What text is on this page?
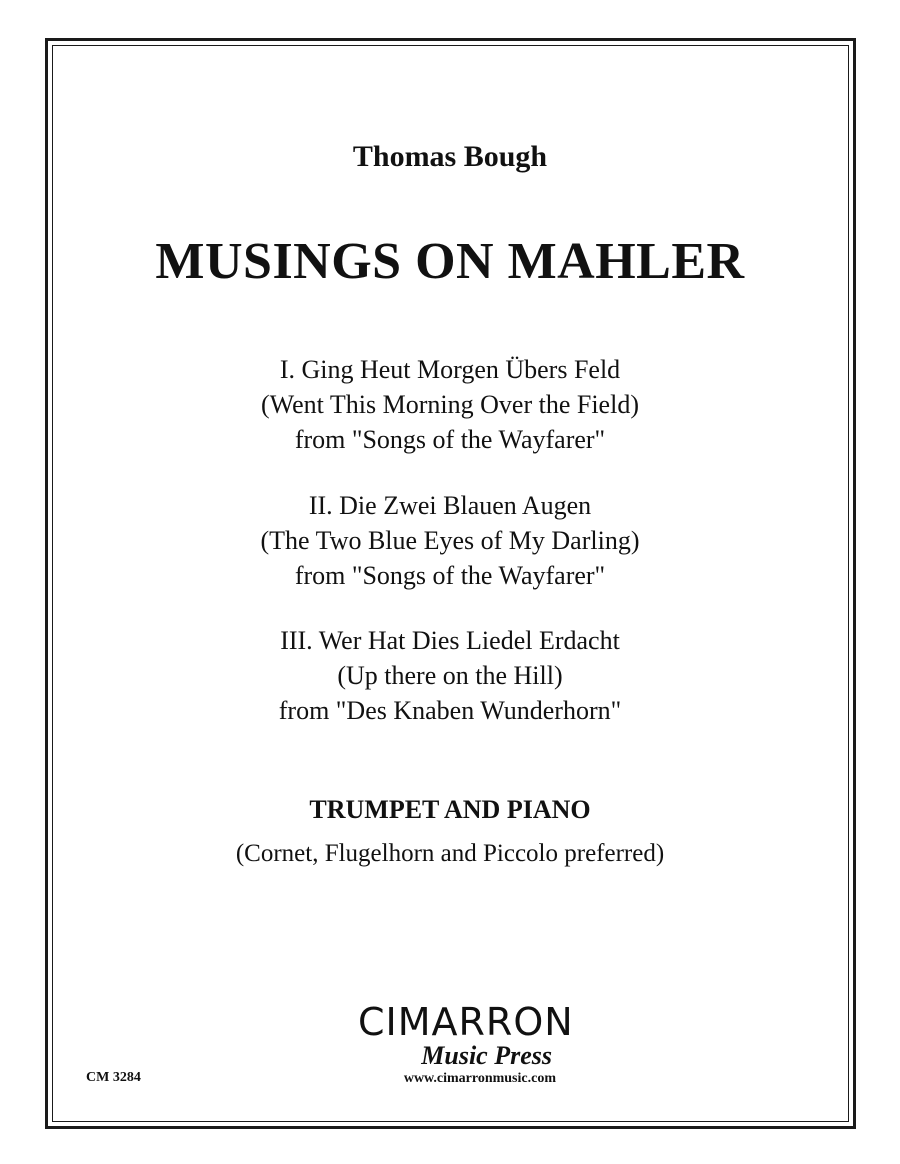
Thomas Bough
MUSINGS ON MAHLER
I. Ging Heut Morgen Übers Feld
(Went This Morning Over the Field)
from "Songs of the Wayfarer"
II. Die Zwei Blauen Augen
(The Two Blue Eyes of My Darling)
from "Songs of the Wayfarer"
III. Wer Hat Dies Liedel Erdacht
(Up there on the Hill)
from "Des Knaben Wunderhorn"
TRUMPET AND PIANO
(Cornet, Flugelhorn and Piccolo preferred)
CIMARRON
Music Press
www.cimarronmusic.com
CM 3284
